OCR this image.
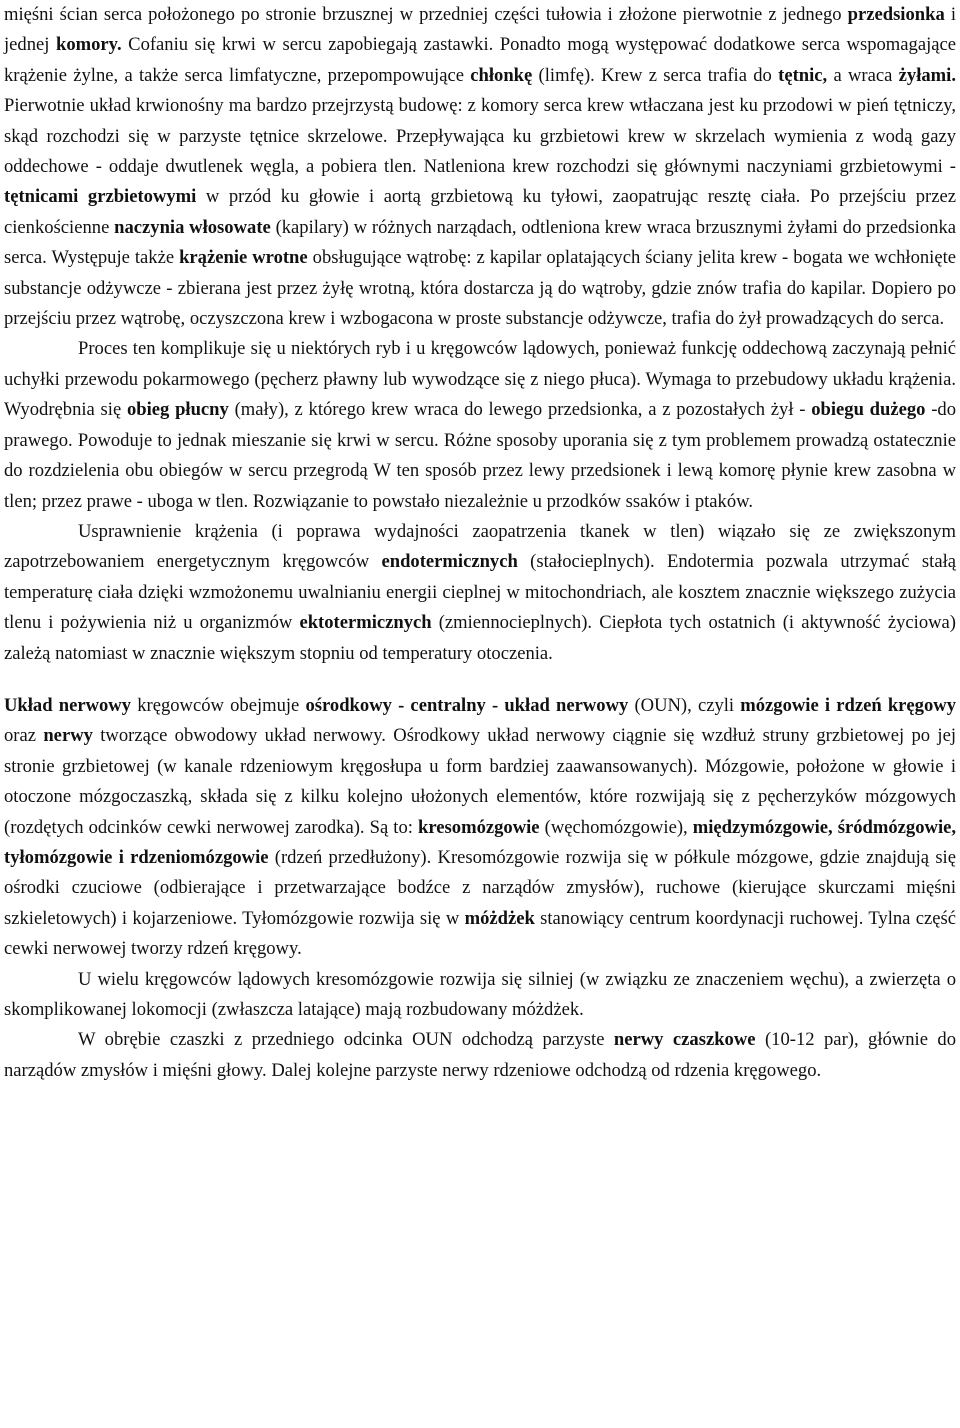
mięśni ścian serca położonego po stronie brzusznej w przedniej części tułowia i złożone pierwotnie z jednego przedsionka i jednej komory. Cofaniu się krwi w sercu zapobiegają zastawki. Ponadto mogą występować dodatkowe serca wspomagające krążenie żylne, a także serca limfatyczne, przepompowujące chłonkę (limfę). Krew z serca trafia do tętnic, a wraca żyłami. Pierwotnie układ krwionośny ma bardzo przejrzystą budowę: z komory serca krew wtłaczana jest ku przodowi w pień tętniczy, skąd rozchodzi się w parzyste tętnice skrzelowe. Przepływająca ku grzbietowi krew w skrzelach wymienia z wodą gazy oddechowe - oddaje dwutlenek węgla, a pobiera tlen. Natleniona krew rozchodzi się głównymi naczyniami grzbietowymi - tętnicami grzbietowymi w przód ku głowie i aortą grzbietową ku tyłowi, zaopatrując resztę ciała. Po przejściu przez cienkościenne naczynia włosowate (kapilary) w różnych narządach, odtleniona krew wraca brzusznymi żyłami do przedsionka serca. Występuje także krążenie wrotne obsługujące wątrobę: z kapilar oplatających ściany jelita krew - bogata we wchłonięte substancje odżywcze - zbierana jest przez żyłę wrotną, która dostarcza ją do wątroby, gdzie znów trafia do kapilar. Dopiero po przejściu przez wątrobę, oczyszczona krew i wzbogacona w proste substancje odżywcze, trafia do żył prowadzących do serca.

Proces ten komplikuje się u niektórych ryb i u kręgowców lądowych, ponieważ funkcję oddechową zaczynają pełnić uchyłki przewodu pokarmowego (pęcherz pławny lub wywodzące się z niego płuca). Wymaga to przebudowy układu krążenia. Wyodrębnia się obieg płucny (mały), z którego krew wraca do lewego przedsionka, a z pozostałych żył - obiegu dużego -do prawego. Powoduje to jednak mieszanie się krwi w sercu. Różne sposoby uporania się z tym problemem prowadzą ostatecznie do rozdzielenia obu obiegów w sercu przegrodą W ten sposób przez lewy przedsionek i lewą komorę płynie krew zasobna w tlen; przez prawe - uboga w tlen. Rozwiązanie to powstało niezależnie u przodków ssaków i ptaków.

Usprawnienie krążenia (i poprawa wydajności zaopatrzenia tkanek w tlen) wiązało się ze zwiększonym zapotrzebowaniem energetycznym kręgowców endotermicznych (stałocieplnych). Endotermia pozwala utrzymać stałą temperaturę ciała dzięki wzmożonemu uwalnianiu energii cieplnej w mitochondriach, ale kosztem znacznie większego zużycia tlenu i pożywienia niż u organizmów ektotermicznych (zmiennocieplnych). Ciepłota tych ostatnich (i aktywność życiowa) zależą natomiast w znacznie większym stopniu od temperatury otoczenia.

Układ nerwowy kręgowców obejmuje ośrodkowy - centralny - układ nerwowy (OUN), czyli mózgowie i rdzeń kręgowy oraz nerwy tworzące obwodowy układ nerwowy. Ośrodkowy układ nerwowy ciągnie się wzdłuż struny grzbietowej po jej stronie grzbietowej (w kanale rdzeniowym kręgosłupa u form bardziej zaawansowanych). Mózgowie, położone w głowie i otoczone mózgoczaszką, składa się z kilku kolejno ułożonych elementów, które rozwijają się z pęcherzyków mózgowych (rozdętych odcinków cewki nerwowej zarodka). Są to: kresomózgowie (węchomózgowie), międzymózgowie, śródmózgowie, tyłomózgowie i rdzeniomózgowie (rdzeń przedłużony). Kresomózgowie rozwija się w półkule mózgowe, gdzie znajdują się ośrodki czuciowe (odbierające i przetwarzające bodźce z narządów zmysłów), ruchowe (kierujące skurczami mięśni szkieletowych) i kojarzeniowe. Tyłomózgowie rozwija się w móżdżek stanowiący centrum koordynacji ruchowej. Tylna część cewki nerwowej tworzy rdzeń kręgowy.

U wielu kręgowców lądowych kresomózgowie rozwija się silniej (w związku ze znaczeniem węchu), a zwierzęta o skomplikowanej lokomocji (zwłaszcza latające) mają rozbudowany móżdżek.

W obrębie czaszki z przedniego odcinka OUN odchodzą parzyste nerwy czaszkowe (10-12 par), głównie do narządów zmysłów i mięśni głowy. Dalej kolejne parzyste nerwy rdzeniowe odchodzą od rdzenia kręgowego.
